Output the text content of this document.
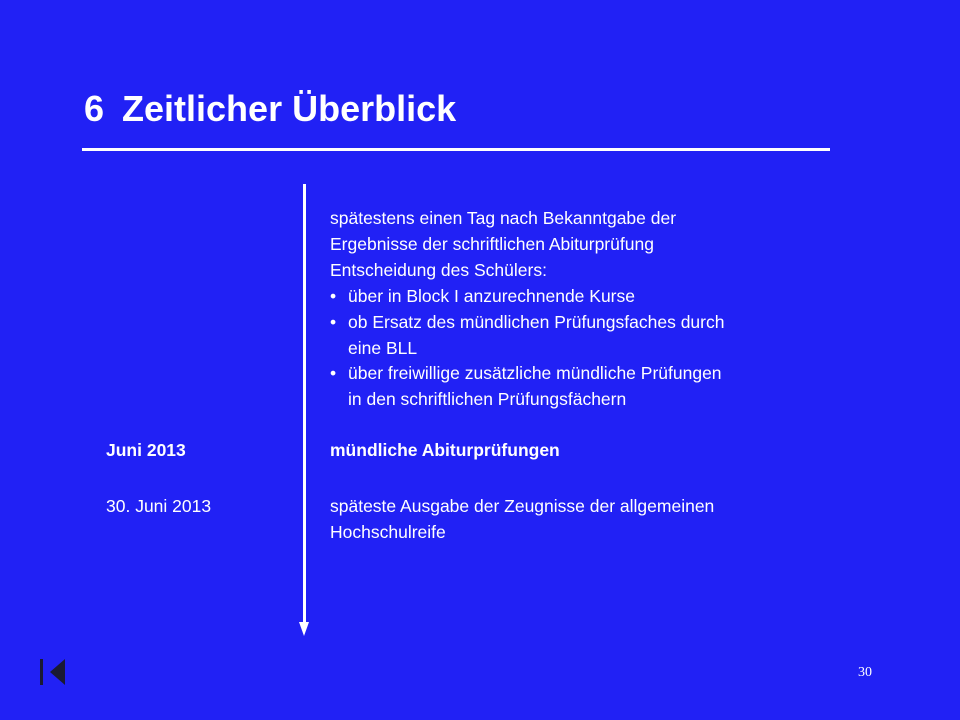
6 Zeitlicher Überblick
spätestens einen Tag nach Bekanntgabe der
Ergebnisse der schriftlichen Abiturprüfung
Entscheidung des Schülers:
• über in Block I anzurechnende Kurse
• ob Ersatz des mündlichen Prüfungsfaches durch
eine BLL
• über freiwillige zusätzliche mündliche Prüfungen
in den schriftlichen Prüfungsfächern
Juni 2013	mündliche Abiturprüfungen
30. Juni 2013	späteste Ausgabe der Zeugnisse der allgemeinen
Hochschulreife
30
